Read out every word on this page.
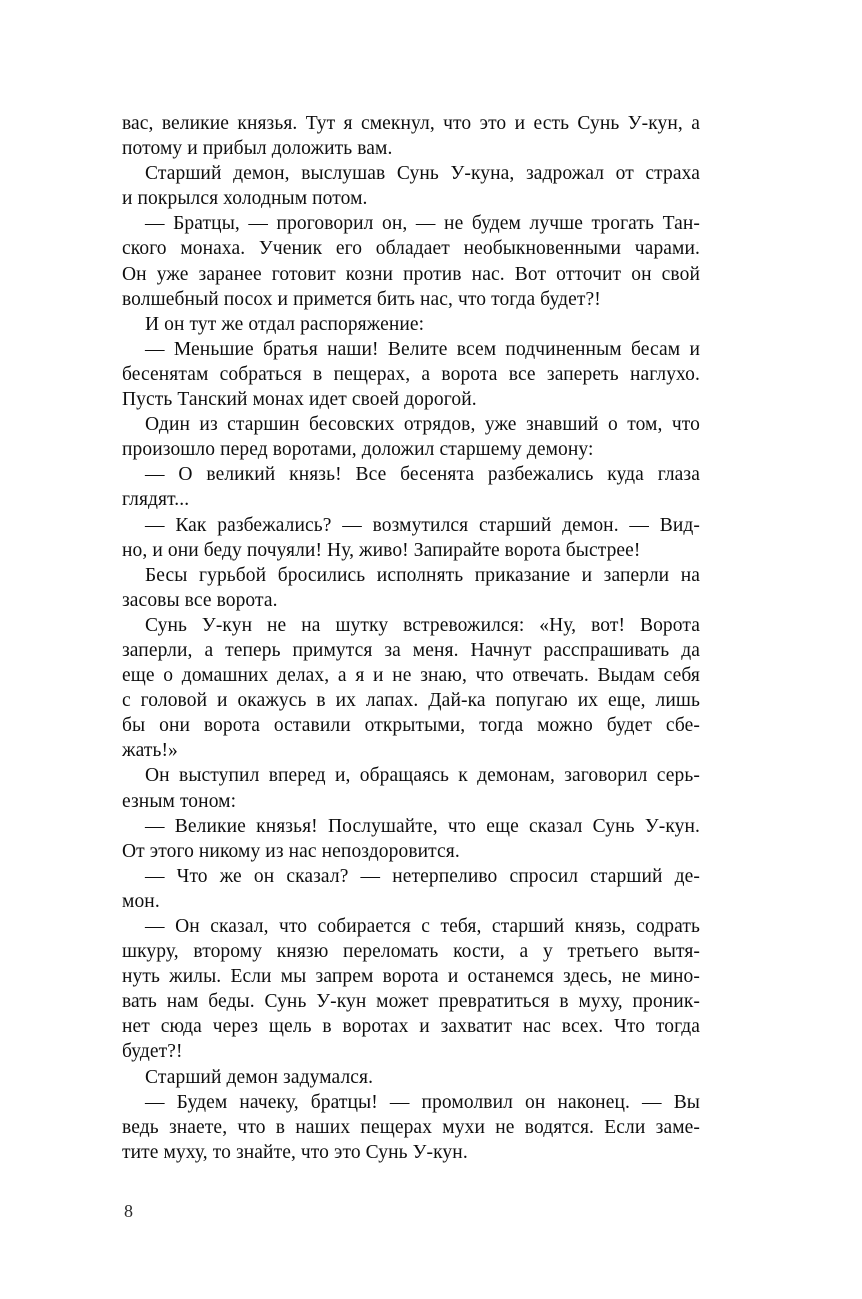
вас, великие князья. Тут я смекнул, что это и есть Сунь У-кун, а
потому и прибыл доложить вам.
Старший демон, выслушав Сунь У-куна, задрожал от страха
и покрылся холодным потом.
— Братцы, — проговорил он, — не будем лучше трогать Тан-
ского монаха. Ученик его обладает необыкновенными чарами.
Он уже заранее готовит козни против нас. Вот отточит он свой
волшебный посох и примется бить нас, что тогда будет?!
И он тут же отдал распоряжение:
— Меньшие братья наши! Велите всем подчиненным бесам и
бесенятам собраться в пещерах, а ворота все запереть наглухо.
Пусть Танский монах идет своей дорогой.
Один из старшин бесовских отрядов, уже знавший о том, что
произошло перед воротами, доложил старшему демону:
— О великий князь! Все бесенята разбежались куда глаза
глядят...
— Как разбежались? — возмутился старший демон. — Вид-
но, и они беду почуяли! Ну, живо! Запирайте ворота быстрее!
Бесы гурьбой бросились исполнять приказание и заперли на
засовы все ворота.
Сунь У-кун не на шутку встревожился: «Ну, вот! Ворота
заперли, а теперь примутся за меня. Начнут расспрашивать да
еще о домашних делах, а я и не знаю, что отвечать. Выдам себя
с головой и окажусь в их лапах. Дай-ка попугаю их еще, лишь
бы они ворота оставили открытыми, тогда можно будет сбе-
жать!»
Он выступил вперед и, обращаясь к демонам, заговорил серь-
езным тоном:
— Великие князья! Послушайте, что еще сказал Сунь У-кун.
От этого никому из нас непоздоровится.
— Что же он сказал? — нетерпеливо спросил старший де-
мон.
— Он сказал, что собирается с тебя, старший князь, содрать
шкуру, второму князю переломать кости, а у третьего вытя-
нуть жилы. Если мы запрем ворота и останемся здесь, не мино-
вать нам беды. Сунь У-кун может превратиться в муху, проник-
нет сюда через щель в воротах и захватит нас всех. Что тогда
будет?!
Старший демон задумался.
— Будем начеку, братцы! — промолвил он наконец. — Вы
ведь знаете, что в наших пещерах мухи не водятся. Если заме-
тите муху, то знайте, что это Сунь У-кун.
8
